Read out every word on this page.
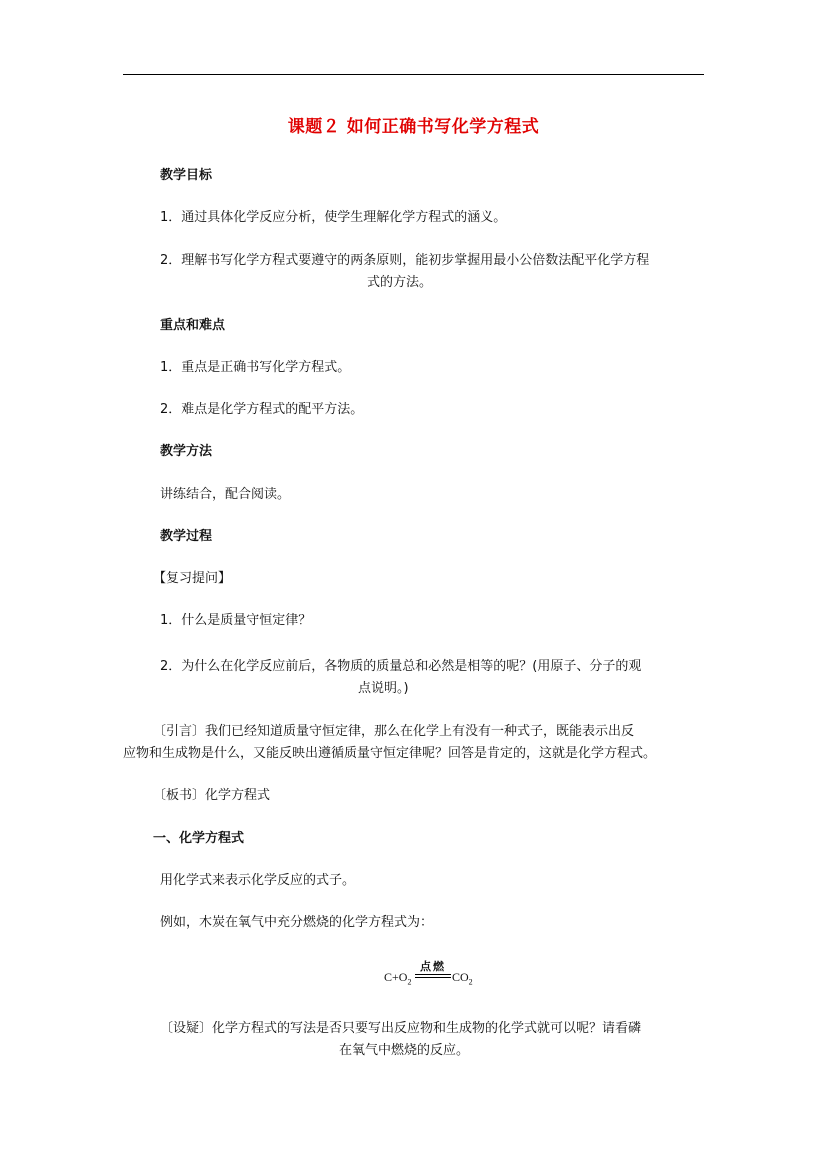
课题２ 如何正确书写化学方程式
教学目标
1．通过具体化学反应分析，使学生理解化学方程式的涵义。
2．理解书写化学方程式要遵守的两条原则，能初步掌握用最小公倍数法配平化学方程
式的方法。
重点和难点
1．重点是正确书写化学方程式。
2．难点是化学方程式的配平方法。
教学方法
讲练结合，配合阅读。
教学过程
【复习提问】
1．什么是质量守恒定律？
2．为什么在化学反应前后，各物质的质量总和必然是相等的呢？(用原子、分子的观
点说明。)
〔引言〕我们已经知道质量守恒定律，那么在化学上有没有一种式子，既能表示出反
应物和生成物是什么，又能反映出遵循质量守恒定律呢？回答是肯定的，这就是化学方程式。
〔板书〕化学方程式
一、化学方程式
用化学式来表示化学反应的式子。
例如，木炭在氧气中充分燃烧的化学方程式为：
$C+O_2$
点燃
$CO_2$
〔设疑〕化学方程式的写法是否只要写出反应物和生成物的化学式就可以呢？请看磷
在氧气中燃烧的反应。
